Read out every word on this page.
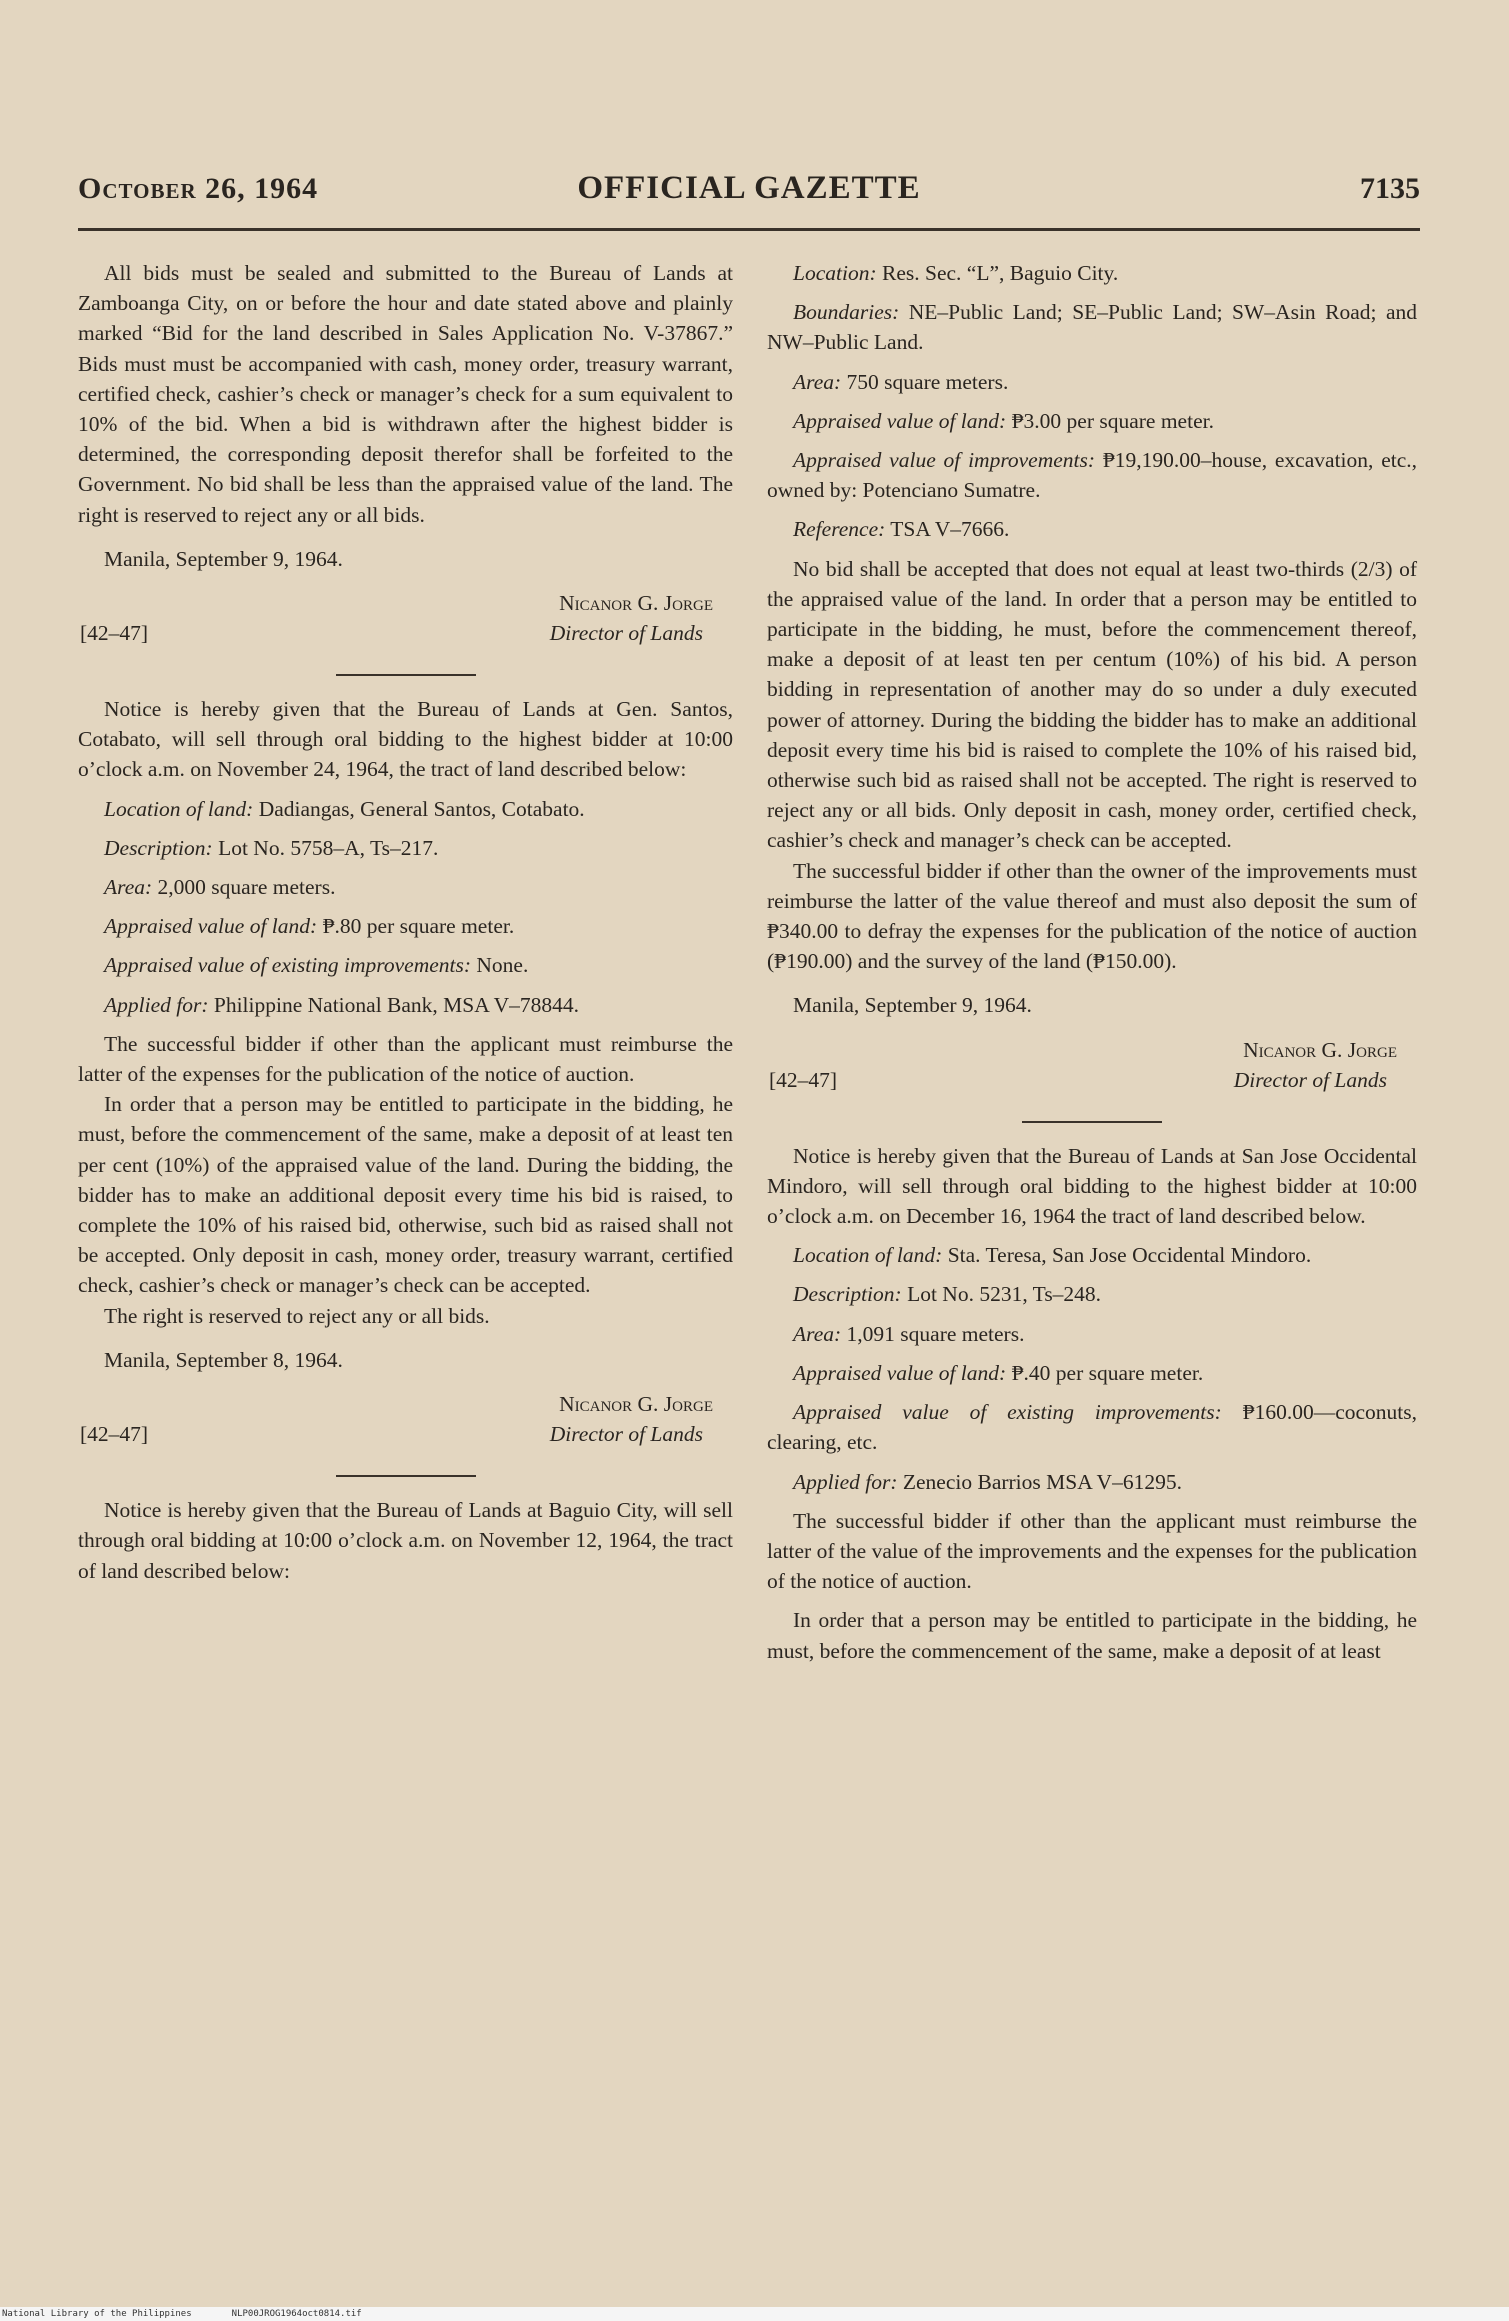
October 26, 1964	OFFICIAL GAZETTE	7135

All bids must be sealed and submitted to the Bureau of Lands at Zamboanga City, on or before the hour and date stated above and plainly marked “Bid for the land described in Sales Application No. V-37867.” Bids must must be accompanied with cash, money order, treasury warrant, certified check, cashier’s check or manager’s check for a sum equivalent to 10% of the bid. When a bid is withdrawn after the highest bidder is determined, the corresponding deposit therefor shall be forfeited to the Government. No bid shall be less than the appraised value of the land. The right is reserved to reject any or all bids.

Manila, September 9, 1964.

Nicanor G. Jorge
[42–47]	Director of Lands

Notice is hereby given that the Bureau of Lands at Gen. Santos, Cotabato, will sell through oral bidding to the highest bidder at 10:00 o’clock a.m. on November 24, 1964, the tract of land described below:

Location of land: Dadiangas, General Santos, Cotabato.

Description: Lot No. 5758–A, Ts–217.

Area: 2,000 square meters.

Appraised value of land: ₱.80 per square meter.

Appraised value of existing improvements: None.

Applied for: Philippine National Bank, MSA V–78844.

The successful bidder if other than the applicant must reimburse the latter of the expenses for the publication of the notice of auction.

In order that a person may be entitled to participate in the bidding, he must, before the commencement of the same, make a deposit of at least ten per cent (10%) of the appraised value of the land. During the bidding, the bidder has to make an additional deposit every time his bid is raised, to complete the 10% of his raised bid, otherwise, such bid as raised shall not be accepted. Only deposit in cash, money order, treasury warrant, certified check, cashier’s check or manager’s check can be accepted.

The right is reserved to reject any or all bids.

Manila, September 8, 1964.

Nicanor G. Jorge
[42–47]	Director of Lands

Notice is hereby given that the Bureau of Lands at Baguio City, will sell through oral bidding at 10:00 o’clock a.m. on November 12, 1964, the tract of land described below:

Location: Res. Sec. “L”, Baguio City.

Boundaries: NE–Public Land; SE–Public Land; SW–Asin Road; and NW–Public Land.

Area: 750 square meters.

Appraised value of land: ₱3.00 per square meter.

Appraised value of improvements: ₱19,190.00–house, excavation, etc., owned by: Potenciano Sumatre.

Reference: TSA V–7666.

No bid shall be accepted that does not equal at least two-thirds (2/3) of the appraised value of the land. In order that a person may be entitled to participate in the bidding, he must, before the commencement thereof, make a deposit of at least ten per centum (10%) of his bid. A person bidding in representation of another may do so under a duly executed power of attorney. During the bidding the bidder has to make an additional deposit every time his bid is raised to complete the 10% of his raised bid, otherwise such bid as raised shall not be accepted. The right is reserved to reject any or all bids. Only deposit in cash, money order, certified check, cashier’s check and manager’s check can be accepted.

The successful bidder if other than the owner of the improvements must reimburse the latter of the value thereof and must also deposit the sum of ₱340.00 to defray the expenses for the publication of the notice of auction (₱190.00) and the survey of the land (₱150.00).

Manila, September 9, 1964.

Nicanor G. Jorge
[42–47]	Director of Lands

Notice is hereby given that the Bureau of Lands at San Jose Occidental Mindoro, will sell through oral bidding to the highest bidder at 10:00 o’clock a.m. on December 16, 1964 the tract of land described below.

Location of land: Sta. Teresa, San Jose Occidental Mindoro.

Description: Lot No. 5231, Ts–248.

Area: 1,091 square meters.

Appraised value of land: ₱.40 per square meter.

Appraised value of existing improvements: ₱160.00—coconuts, clearing, etc.

Applied for: Zenecio Barrios MSA V–61295.

The successful bidder if other than the applicant must reimburse the latter of the value of the improvements and the expenses for the publication of the notice of auction.

In order that a person may be entitled to participate in the bidding, he must, before the commencement of the same, make a deposit of at least

National Library of the Philippines	NLP00JROG1964oct0814.tif
